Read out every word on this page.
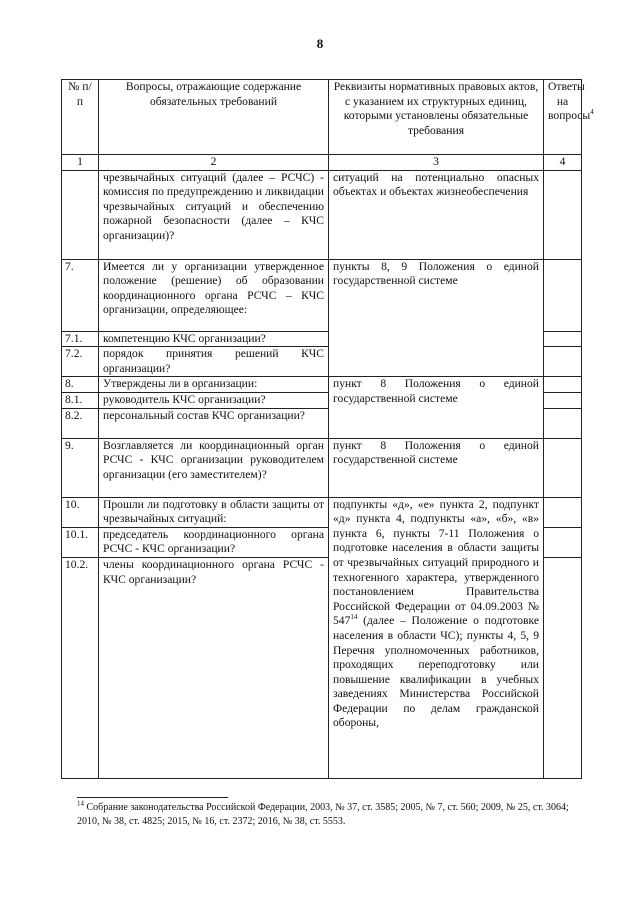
8
№ п/п	Вопросы, отражающие содержание обязательных требований	Реквизиты нормативных правовых актов, с указанием их структурных единиц, которыми установлены обязательные требования	Ответы на вопросы$^4$
1	2	3	4
	чрезвычайных ситуаций (далее – РСЧС) - комиссия по предупреждению и ликвидации чрезвычайных ситуаций и обеспечению пожарной безопасности (далее – КЧС организации)?	ситуаций на потенциально опасных объектах и объектах жизнеобеспечения	
7.	Имеется ли у организации утвержденное положение (решение) об образовании координационного органа РСЧС – КЧС организации, определяющее:	пункты 8, 9 Положения о единой государственной системе	
7.1.	компетенцию КЧС организации?		
7.2.	порядок принятия решений КЧС организации?		
8.	Утверждены ли в организации:	пункт 8 Положения о единой государственной системе	
8.1.	руководитель КЧС организации?		
8.2.	персональный состав КЧС организации?		
9.	Возглавляется ли координационный орган РСЧС - КЧС организации руководителем организации (его заместителем)?	пункт 8 Положения о единой государственной системе	
10.	Прошли ли подготовку в области защиты от чрезвычайных ситуаций:	подпункты «д», «е» пункта 2, подпункт «д» пункта 4, подпункты «а», «б», «в» пункта 6, пункты 7-11 Положения о подготовке населения в области защиты от чрезвычайных ситуаций природного и техногенного характера, утвержденного постановлением Правительства Российской Федерации от 04.09.2003 № $547^{14}$ (далее – Положение о подготовке населения в области ЧС); пункты 4, 5, 9 Перечня уполномоченных работников, проходящих переподготовку или повышение квалификации в учебных заведениях Министерства Российской Федерации по делам гражданской обороны,	
10.1.	председатель координационного органа РСЧС - КЧС организации?		
10.2.	члены координационного органа РСЧС - КЧС организации?		
$^{14}$ Собрание законодательства Российской Федерации, 2003, № 37, ст. 3585; 2005, № 7, ст. 560; 2009, № 25, ст. 3064; 2010, № 38, ст. 4825; 2015, № 16, ст. 2372; 2016, № 38, ст. 5553.
